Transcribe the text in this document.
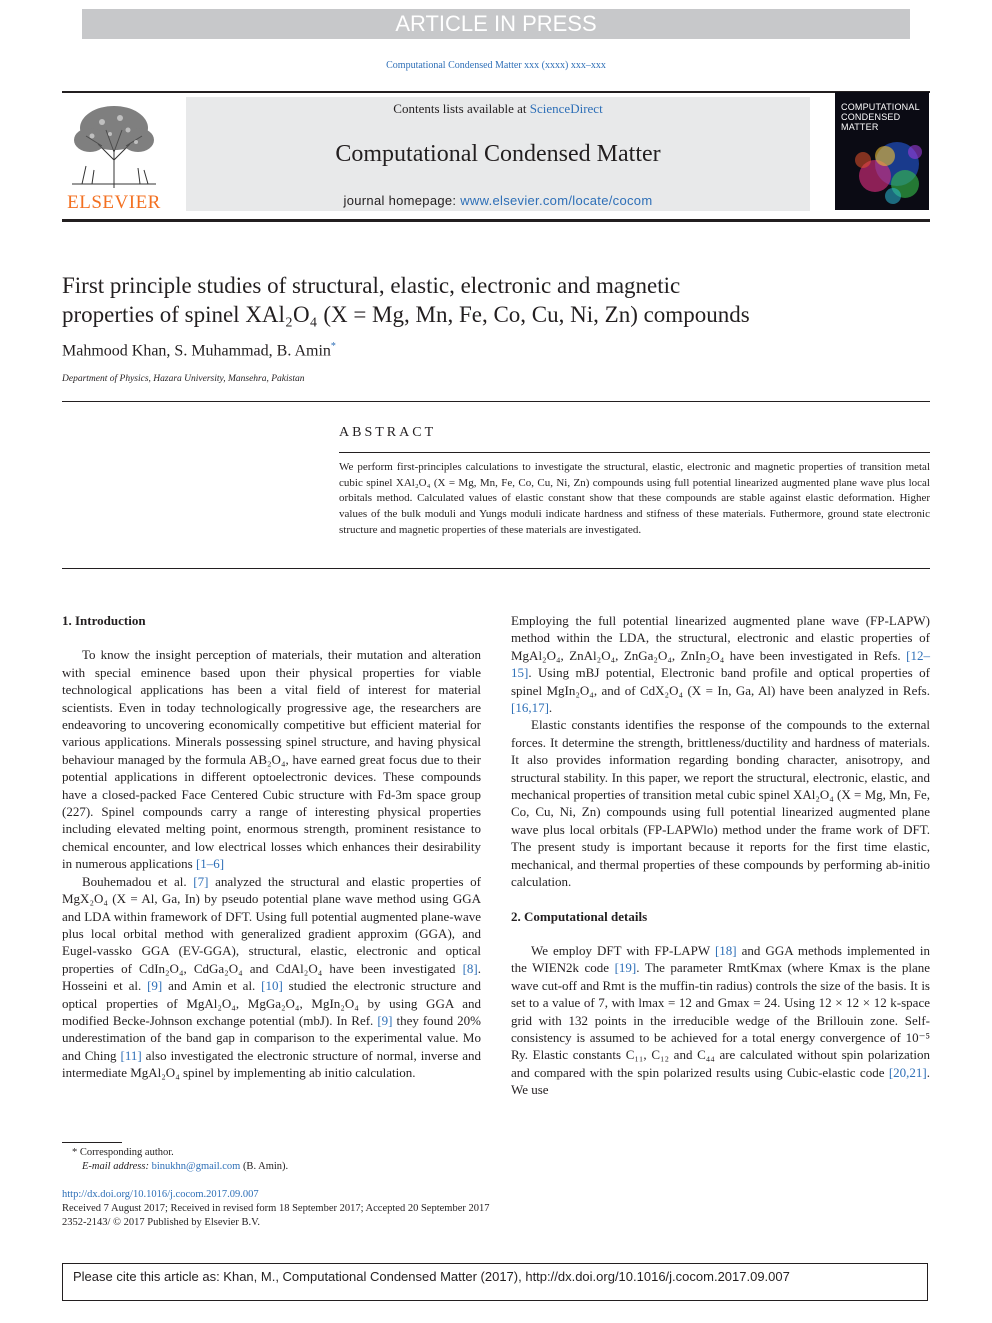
ARTICLE IN PRESS
Computational Condensed Matter xxx (xxxx) xxx–xxx
Contents lists available at ScienceDirect
Computational Condensed Matter
journal homepage: www.elsevier.com/locate/cocom
ELSEVIER
COMPUTATIONAL
CONDENSED MATTER
First principle studies of structural, elastic, electronic and magnetic
properties of spinel XAl₂O₄ (X = Mg, Mn, Fe, Co, Cu, Ni, Zn) compounds
Mahmood Khan, S. Muhammad, B. Amin*
Department of Physics, Hazara University, Mansehra, Pakistan
ABSTRACT
We perform first-principles calculations to investigate the structural, elastic, electronic and magnetic properties of transition metal cubic spinel XAl₂O₄ (X = Mg, Mn, Fe, Co, Cu, Ni, Zn) compounds using full potential linearized augmented plane wave plus local orbitals method. Calculated values of elastic constant show that these compounds are stable against elastic deformation. Higher values of the bulk moduli and Yungs moduli indicate hardness and stifness of these materials. Futhermore, ground state electronic structure and magnetic properties of these materials are investigated.
1. Introduction

To know the insight perception of materials, their mutation and alteration with special eminence based upon their physical properties for viable technological applications has been a vital field of interest for material scientists. Even in today technologically progressive age, the researchers are endeavoring to uncovering economically competitive but efficient material for various applications. Minerals possessing spinel structure, and having physical behaviour managed by the formula AB₂O₄, have earned great focus due to their potential applications in different optoelectronic devices. These compounds have a closed-packed Face Centered Cubic structure with Fd-3m space group (227). Spinel compounds carry a range of interesting physical properties including elevated melting point, enormous strength, prominent resistance to chemical encounter, and low electrical losses which enhances their desirability in numerous applications [1–6]

Bouhemadou et al. [7] analyzed the structural and elastic properties of MgX₂O₄ (X = Al, Ga, In) by pseudo potential plane wave method using GGA and LDA within framework of DFT. Using full potential augmented plane-wave plus local orbital method with generalized gradient approxim (GGA), and Eugel-vassko GGA (EV-GGA), structural, elastic, electronic and optical properties of CdIn₂O₄, CdGa₂O₄ and CdAl₂O₄ have been investigated [8]. Hosseini et al. [9] and Amin et al. [10] studied the electronic structure and optical properties of MgAl₂O₄, MgGa₂O₄, MgIn₂O₄ by using GGA and modified Becke-Johnson exchange potential (mbJ). In Ref. [9] they found 20% underestimation of the band gap in comparison to the experimental value. Mo and Ching [11] also investigated the electronic structure of normal, inverse and intermediate MgAl₂O₄ spinel by implementing ab initio calculation.

Employing the full potential linearized augmented plane wave (FP-LAPW) method within the LDA, the structural, electronic and elastic properties of MgAl₂O₄, ZnAl₂O₄, ZnGa₂O₄, ZnIn₂O₄ have been investigated in Refs. [12–15]. Using mBJ potential, Electronic band profile and optical properties of spinel MgIn₂O₄, and of CdX₂O₄ (X = In, Ga, Al) have been analyzed in Refs. [16,17].

Elastic constants identifies the response of the compounds to the external forces. It determine the strength, brittleness/ductility and hardness of materials. It also provides information regarding bonding character, anisotropy, and structural stability. In this paper, we report the structural, electronic, elastic, and mechanical properties of transition metal cubic spinel XAl₂O₄ (X = Mg, Mn, Fe, Co, Cu, Ni, Zn) compounds using full potential linearized augmented plane wave plus local orbitals (FP-LAPWlo) method under the frame work of DFT. The present study is important because it reports for the first time elastic, mechanical, and thermal properties of these compounds by performing ab-initio calculation.

2. Computational details

We employ DFT with FP-LAPW [18] and GGA methods implemented in the WIEN2k code [19]. The parameter RmtKmax (where Kmax is the plane wave cut-off and Rmt is the muffin-tin radius) controls the size of the basis. It is set to a value of 7, with lmax = 12 and Gmax = 24. Using 12 × 12 × 12 k-space grid with 132 points in the irreducible wedge of the Brillouin zone. Self-consistency is assumed to be achieved for a total energy convergence of 10⁻⁵ Ry. Elastic constants C₁₁, C₁₂ and C₄₄ are calculated without spin polarization and compared with the spin polarized results using Cubic-elastic code [20,21]. We use

* Corresponding author.
E-mail address: binukhn@gmail.com (B. Amin).
http://dx.doi.org/10.1016/j.cocom.2017.09.007
Received 7 August 2017; Received in revised form 18 September 2017; Accepted 20 September 2017
2352-2143/ © 2017 Published by Elsevier B.V.
Please cite this article as: Khan, M., Computational Condensed Matter (2017), http://dx.doi.org/10.1016/j.cocom.2017.09.007
